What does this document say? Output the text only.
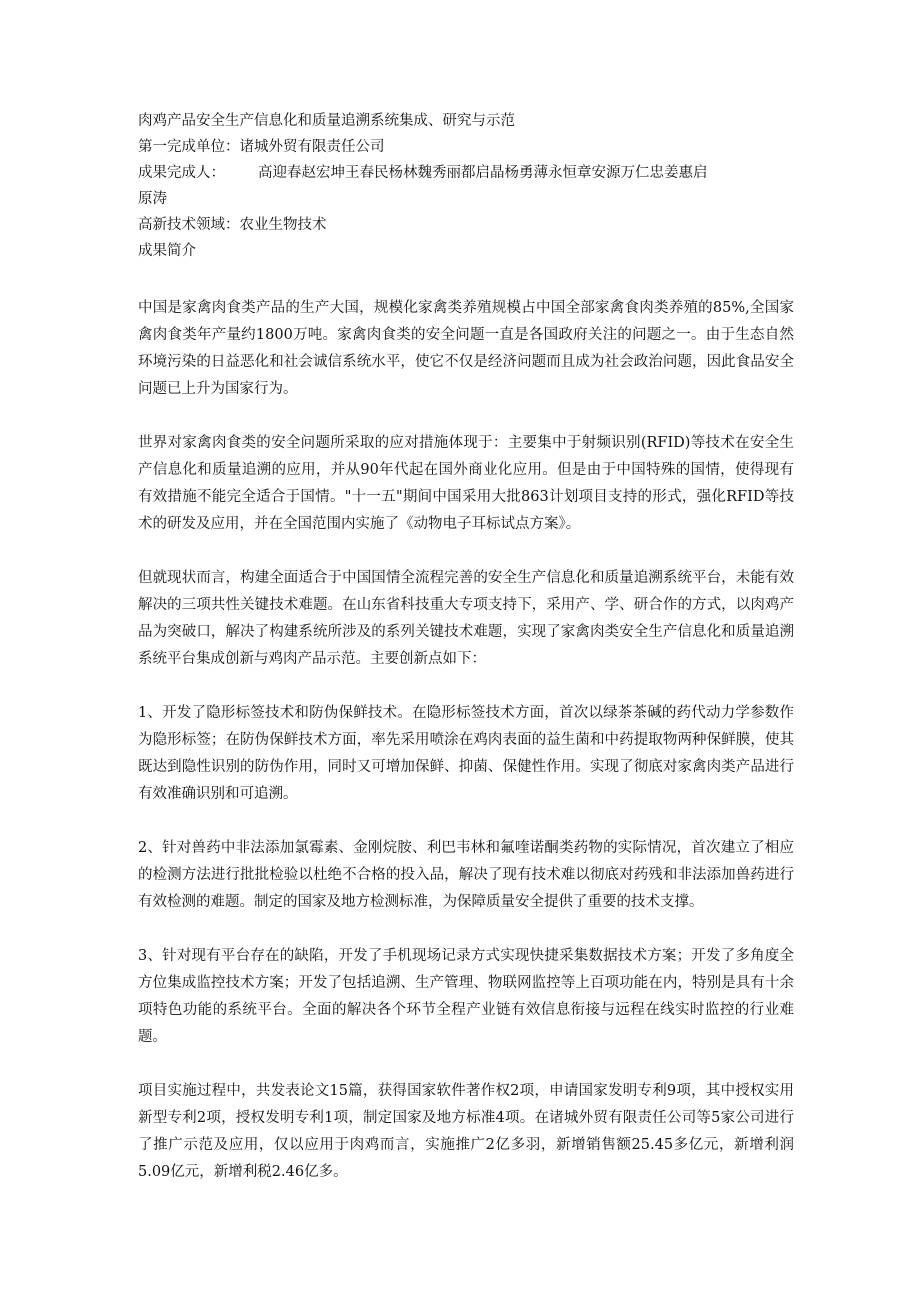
肉鸡产品安全生产信息化和质量追溯系统集成、研究与示范

第一完成单位：诸城外贸有限责任公司

成果完成人： 高迎春赵宏坤王春民杨林魏秀丽都启晶杨勇薄永恒章安源万仁忠姜惠启

原涛

高新技术领域：农业生物技术

成果简介

中国是家禽肉食类产品的生产大国，规模化家禽类养殖规模占中国全部家禽食肉类养殖的85%,全国家禽肉食类年产量约1800万吨。家禽肉食类的安全问题一直是各国政府关注的问题之一。由于生态自然环境污染的日益恶化和社会诚信系统水平，使它不仅是经济问题而且成为社会政治问题，因此食品安全问题已上升为国家行为。

世界对家禽肉食类的安全问题所采取的应对措施体现于：主要集中于射频识别(RFID)等技术在安全生产信息化和质量追溯的应用，并从90年代起在国外商业化应用。但是由于中国特殊的国情，使得现有有效措施不能完全适合于国情。"十一五"期间中国采用大批863计划项目支持的形式，强化RFID等技术的研发及应用，并在全国范围内实施了《动物电子耳标试点方案》。

但就现状而言，构建全面适合于中国国情全流程完善的安全生产信息化和质量追溯系统平台，未能有效解决的三项共性关键技术难题。在山东省科技重大专项支持下，采用产、学、研合作的方式，以肉鸡产品为突破口，解决了构建系统所涉及的系列关键技术难题，实现了家禽肉类安全生产信息化和质量追溯系统平台集成创新与鸡肉产品示范。主要创新点如下：

1、开发了隐形标签技术和防伪保鲜技术。在隐形标签技术方面，首次以绿茶茶碱的药代动力学参数作为隐形标签；在防伪保鲜技术方面，率先采用喷涂在鸡肉表面的益生菌和中药提取物两种保鲜膜，使其既达到隐性识别的防伪作用，同时又可增加保鲜、抑菌、保健性作用。实现了彻底对家禽肉类产品进行有效准确识别和可追溯。

2、针对兽药中非法添加氯霉素、金刚烷胺、利巴韦林和氟喹诺酮类药物的实际情况，首次建立了相应的检测方法进行批批检验以杜绝不合格的投入品，解决了现有技术难以彻底对药残和非法添加兽药进行有效检测的难题。制定的国家及地方检测标准，为保障质量安全提供了重要的技术支撑。

3、针对现有平台存在的缺陷，开发了手机现场记录方式实现快捷采集数据技术方案；开发了多角度全方位集成监控技术方案；开发了包括追溯、生产管理、物联网监控等上百项功能在内，特别是具有十余项特色功能的系统平台。全面的解决各个环节全程产业链有效信息衔接与远程在线实时监控的行业难题。

项目实施过程中，共发表论文15篇，获得国家软件著作权2项，申请国家发明专利9项，其中授权实用新型专利2项，授权发明专利1项，制定国家及地方标准4项。在诸城外贸有限责任公司等5家公司进行了推广示范及应用，仅以应用于肉鸡而言，实施推广2亿多羽，新增销售额25.45多亿元，新增利润5.09亿元，新增利税2.46亿多。
